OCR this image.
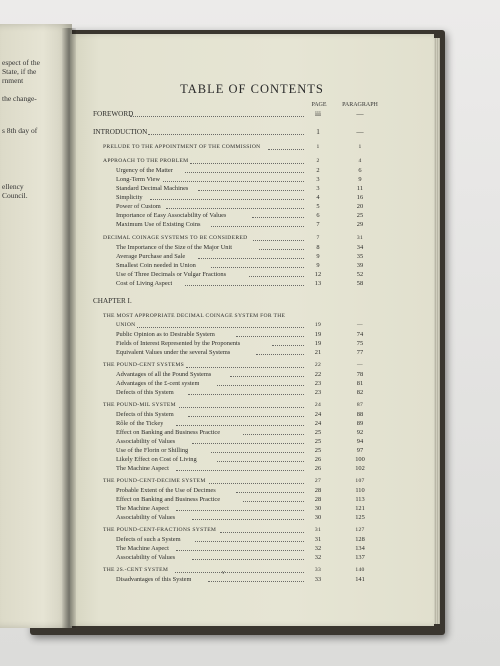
espect of the
State, if the
rnment
the change-
s 8th day of
ellency
Council.
TABLE OF CONTENTS
PAGE	PARAGRAPH
FOREWORD	iii	—
INTRODUCTION	1	—
PRELUDE TO THE APPOINTMENT OF THE COMMISSION	1	1
APPROACH TO THE PROBLEM	2	4
Urgency of the Matter	2	6
Long-Term View	3	9
Standard Decimal Machines	3	11
Simplicity	4	16
Power of Custom	5	20
Importance of Easy Associability of Values	6	25
Maximum Use of Existing Coins	7	29
DECIMAL COINAGE SYSTEMS TO BE CONSIDERED	7	31
The Importance of the Size of the Major Unit	8	34
Average Purchase and Sale	9	35
Smallest Coin needed in Union	9	39
Use of Three Decimals or Vulgar Fractions	12	52
Cost of Living Aspect	13	58
CHAPTER I.
THE MOST APPROPRIATE DECIMAL COINAGE SYSTEM FOR THE
UNION	19	—
Public Opinion as to Desirable System	19	74
Fields of Interest Represented by the Proponents	19	75
Equivalent Values under the several Systems	21	77
THE POUND-CENT SYSTEMS	22	—
Advantages of all the Pound Systems	22	78
Advantages of the £-cent system	23	81
Defects of this System	23	82
THE POUND-MIL SYSTEM	24	87
Defects of this System	24	88
Rôle of the Tickey	24	89
Effect on Banking and Business Practice	25	92
Associability of Values	25	94
Use of the Florin or Shilling	25	97
Likely Effect on Cost of Living	26	100
The Machine Aspect	26	102
THE POUND-CENT-DECIME SYSTEM	27	107
Probable Extent of the Use of Decimes	28	110
Effect on Banking and Business Practice	28	113
The Machine Aspect	30	121
Associability of Values	30	125
THE POUND-CENT-FRACTIONS SYSTEM	31	127
Defects of such a System	31	128
The Machine Aspect	32	134
Associability of Values	32	137
THE 2S.-CENT SYSTEM	33	140
Disadvantages of this System	33	141
v
